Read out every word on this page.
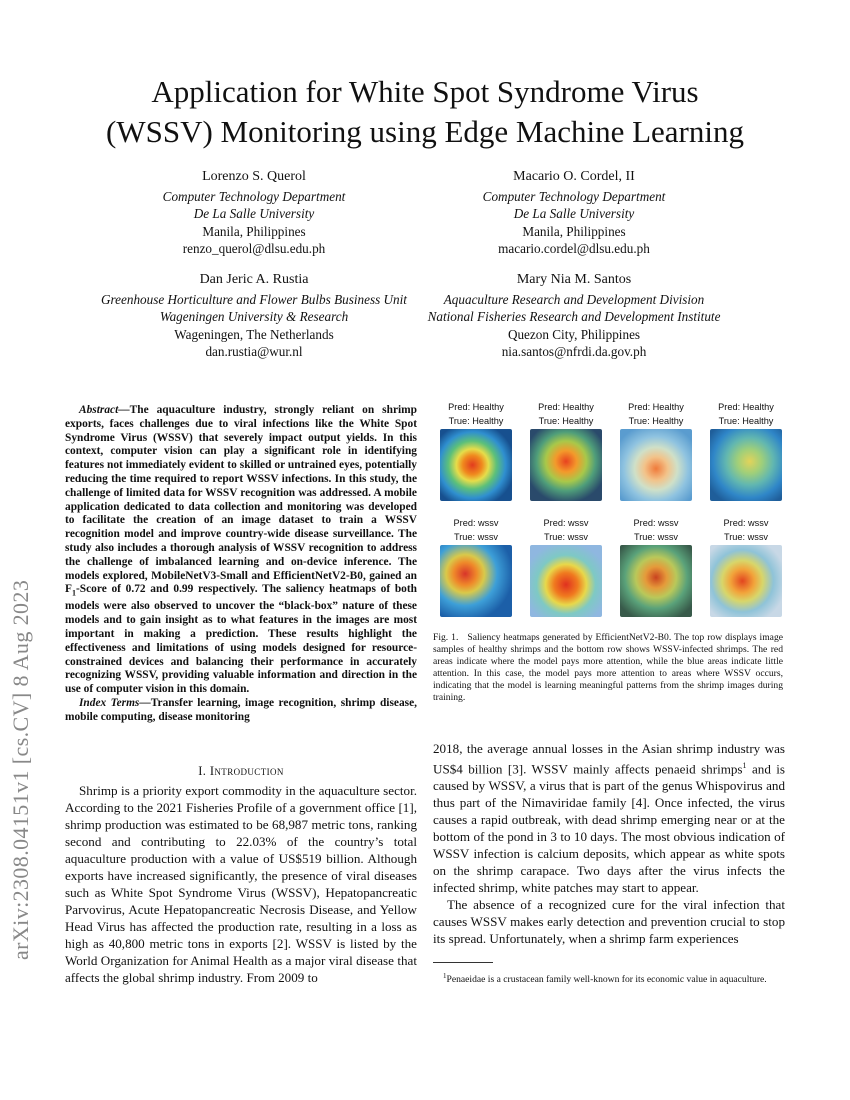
Application for White Spot Syndrome Virus
(WSSV) Monitoring using Edge Machine Learning
arXiv:2308.04151v1 [cs.CV] 8 Aug 2023
Lorenzo S. Querol
Computer Technology Department
De La Salle University
Manila, Philippines
renzo_querol@dlsu.edu.ph
Macario O. Cordel, II
Computer Technology Department
De La Salle University
Manila, Philippines
macario.cordel@dlsu.edu.ph
Dan Jeric A. Rustia
Greenhouse Horticulture and Flower Bulbs Business Unit
Wageningen University & Research
Wageningen, The Netherlands
dan.rustia@wur.nl
Mary Nia M. Santos
Aquaculture Research and Development Division
National Fisheries Research and Development Institute
Quezon City, Philippines
nia.santos@nfrdi.da.gov.ph
Abstract—The aquaculture industry, strongly reliant on shrimp exports, faces challenges due to viral infections like the White Spot Syndrome Virus (WSSV) that severely impact output yields. In this context, computer vision can play a significant role in identifying features not immediately evident to skilled or untrained eyes, potentially reducing the time required to report WSSV infections. In this study, the challenge of limited data for WSSV recognition was addressed. A mobile application dedicated to data collection and monitoring was developed to facilitate the creation of an image dataset to train a WSSV recognition model and improve country-wide disease surveillance. The study also includes a thorough analysis of WSSV recognition to address the challenge of imbalanced learning and on-device inference. The models explored, MobileNetV3-Small and EfficientNetV2-B0, gained an $F_1$-Score of 0.72 and 0.99 respectively. The saliency heatmaps of both models were also observed to uncover the “black-box” nature of these models and to gain insight as to what features in the images are most important in making a prediction. These results highlight the effectiveness and limitations of using models designed for resource-constrained devices and balancing their performance in accurately recognizing WSSV, providing valuable information and direction in the use of computer vision in this domain.
Index Terms—Transfer learning, image recognition, shrimp disease, mobile computing, disease monitoring
I. Introduction

Shrimp is a priority export commodity in the aquaculture sector. According to the 2021 Fisheries Profile of a government office [1], shrimp production was estimated to be 68,987 metric tons, ranking second and contributing to 22.03% of the country’s total aquaculture production with a value of US$519 billion. Although exports have increased significantly, the presence of viral diseases such as White Spot Syndrome Virus (WSSV), Hepatopancreatic Parvovirus, Acute Hepatopancreatic Necrosis Disease, and Yellow Head Virus has affected the production rate, resulting in a loss as high as 40,800 metric tons in exports [2]. WSSV is listed by the World Organization for Animal Health as a major viral disease that affects the global shrimp industry. From 2009 to

Pred: Healthy
True: Healthy
Pred: Healthy
True: Healthy
Pred: Healthy
True: Healthy
Pred: Healthy
True: Healthy
Pred: wssv
True: wssv
Pred: wssv
True: wssv
Pred: wssv
True: wssv
Pred: wssv
True: wssv
Fig. 1. Saliency heatmaps generated by EfficientNetV2-B0. The top row displays image samples of healthy shrimps and the bottom row shows WSSV-infected shrimps. The red areas indicate where the model pays more attention, while the blue areas indicate little attention. In this case, the model pays more attention to areas where WSSV occurs, indicating that the model is learning meaningful patterns from the shrimp images during training.

2018, the average annual losses in the Asian shrimp industry was US$4 billion [3]. WSSV mainly affects penaeid shrimps$^1$ and is caused by WSSV, a virus that is part of the genus Whispovirus and thus part of the Nimaviridae family [4]. Once infected, the virus causes a rapid outbreak, with dead shrimp emerging near or at the bottom of the pond in 3 to 10 days. The most obvious indication of WSSV infection is calcium deposits, which appear as white spots on the shrimp carapace. Two days after the virus infects the infected shrimp, white patches may start to appear.

The absence of a recognized cure for the viral infection that causes WSSV makes early detection and prevention crucial to stop its spread. Unfortunately, when a shrimp farm experiences

$^1$Penaeidae is a crustacean family well-known for its economic value in aquaculture.
